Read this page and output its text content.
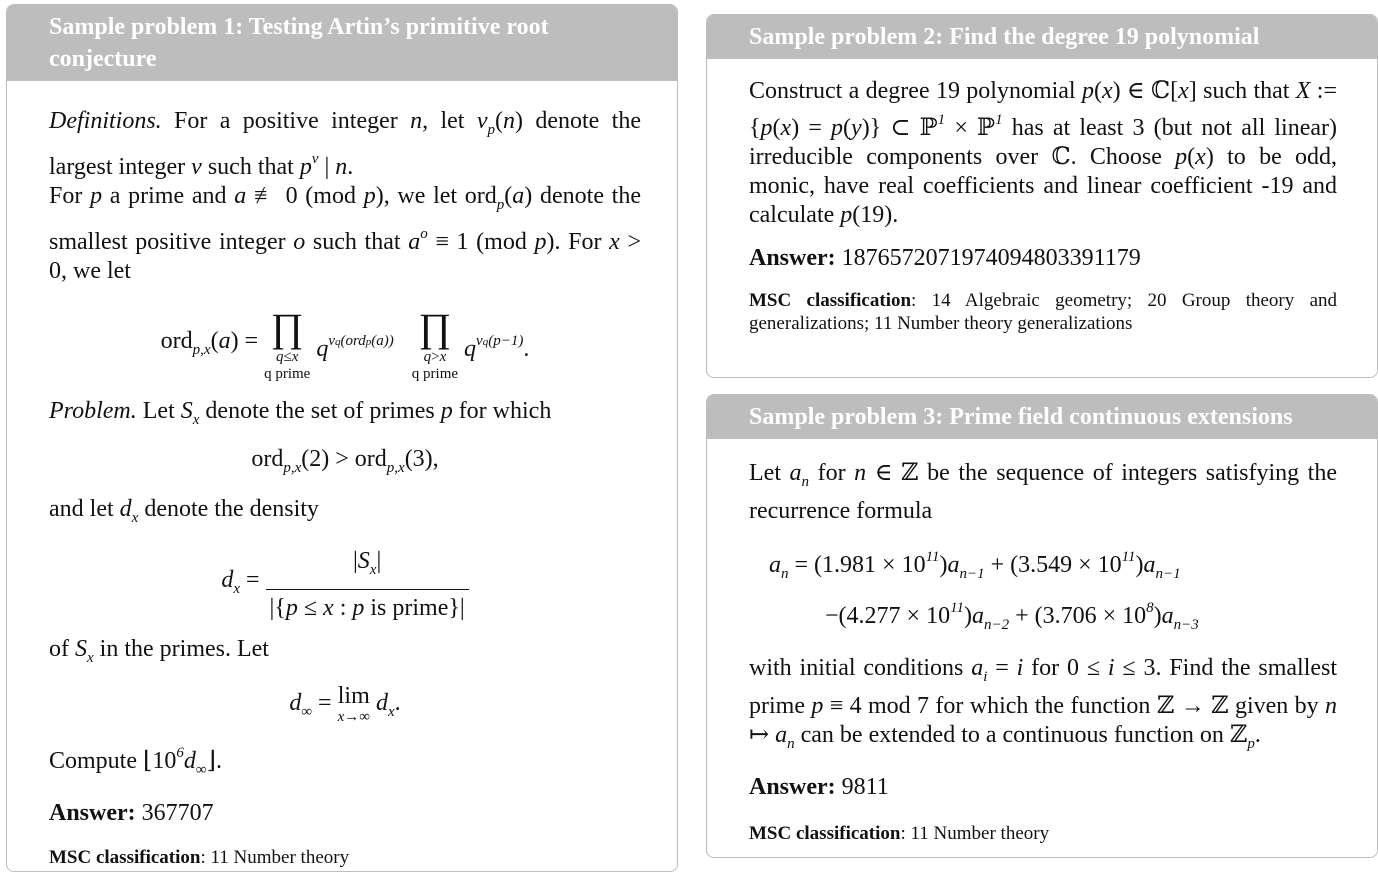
Sample problem 1: Testing Artin’s primitive root conjecture
Definitions. For a positive integer n, let $v_p(n)$ denote the largest integer v such that $p^v$ | n.
For p a prime and a ≢ 0 (mod p), we let ord$_p$(a) denote the smallest positive integer o such that $a^o \equiv 1$ (mod p). For x > 0, we let
ord$_{p,x}$(a) = ∏
q≤x
q prime
$q^{vq(ordp(a))}$ ∏
q>x
q prime
$q^{vq(p-1)}$.
Problem. Let $S_x$ denote the set of primes p for which
ord$_{p,x}$(2) > ord$_{p,x}$(3),
and let $d_x$ denote the density
$d_x = \frac{|S_x|}{\text{|\{p ≤ x : p is prime\}|}}$
of $S_x$ in the primes. Let
$d_\infty = \lim$
x→∞
$d_x$.
Compute $⌊10^6d_\infty⌋$.
Answer: 367707
MSC classification: 11 Number theory
Sample problem 2: Find the degree 19 polynomial
Construct a degree 19 polynomial p(x) ∈ ℂ[x] such that X := {p(x) = p(y)} ⊂ ℙ$^1$ × ℙ$^1$ has at least 3 (but not all linear) irreducible components over ℂ. Choose p(x) to be odd, monic, have real coefficients and linear coefficient -19 and calculate p(19).
Answer: 1876572071974094803391179
MSC classification: 14 Algebraic geometry; 20 Group theory and generalizations; 11 Number theory generalizations
Sample problem 3: Prime field continuous extensions
Let $a_n$ for n ∈ ℤ be the sequence of integers satisfying the recurrence formula
$a_n = (1.981 \times 10^{11})a_{n-1} + (3.549 \times 10^{11})a_{n-1}$
$-(4.277 \times 10^{11})a_{n-2} + (3.706 \times 10^8)a_{n-3}$
with initial conditions $a_i = i$ for 0 ≤ i ≤ 3. Find the smallest prime p ≡ 4 mod 7 for which the function ℤ → ℤ given by n ↦ $a_n$ can be extended to a continuous function on ℤ$_p$.
Answer: 9811
MSC classification: 11 Number theory
